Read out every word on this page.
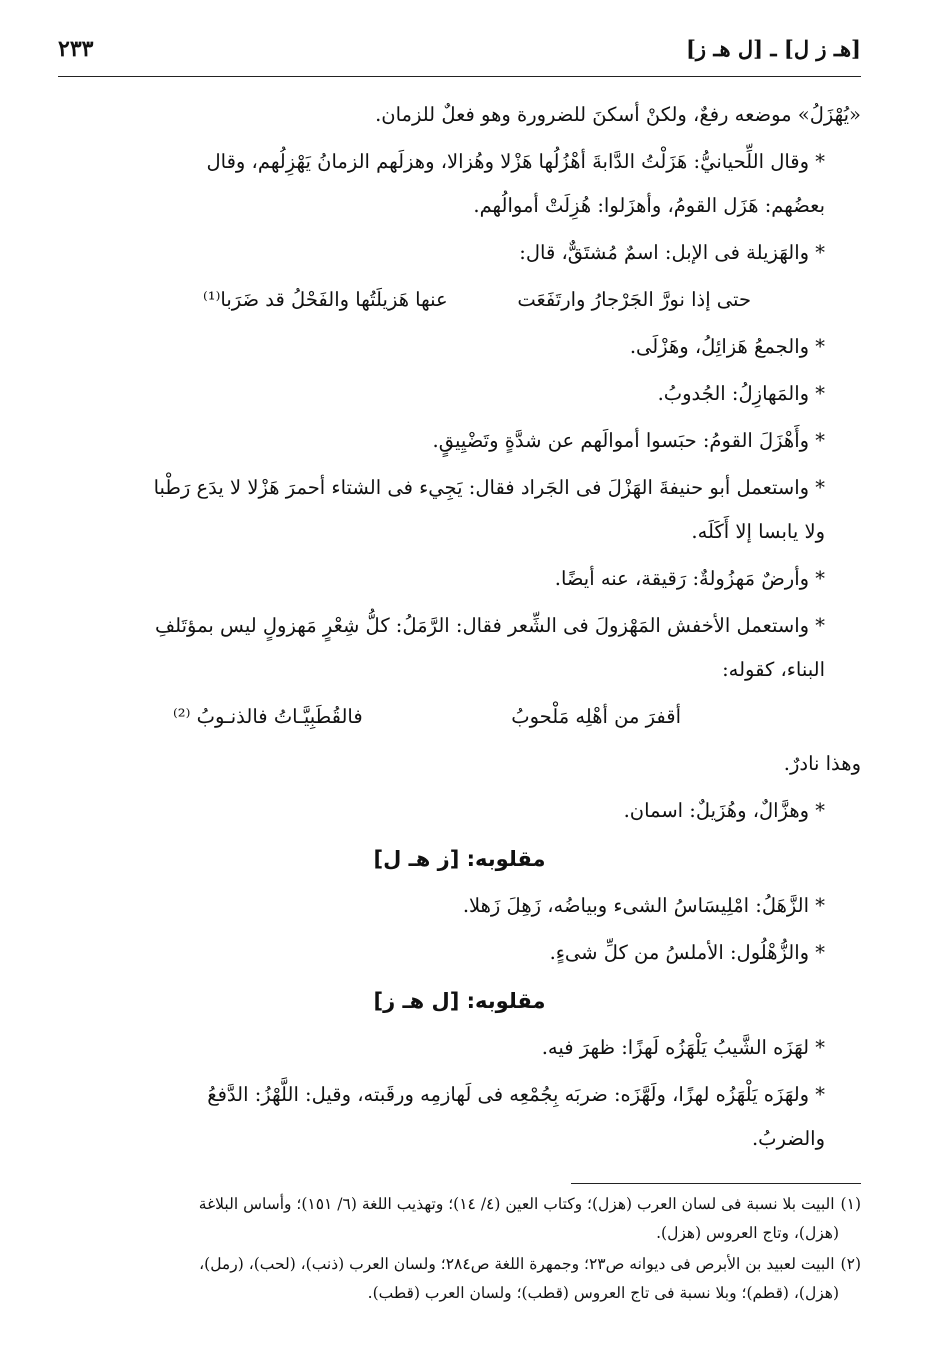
[هـ ز ل] ـ [ل هـ ز]
٢٣٣

«يُهْزَلُ» موضعه رفعٌ، ولكنْ أسكنَ للضرورة وهو فعلٌ للزمان.

* وقال اللِّحيانيُّ: هَزَلْتُ الدَّابةَ أهْزُلُها هَزْلا وهُزالا، وهزلَهم الزمانُ يَهْزِلُهم، وقال
بعضُهم: هَزَل القومُ، وأهزَلوا: هُزِلَتْ أموالُهم.

* والهَزيلة فى الإبل: اسمٌ مُشتَقٌّ، قال:

حتى إذا نورَّ الجَرْجارُ وارتَفَعَت
عنها هَزيلَتُها والفَحْلُ قد ضَرَبا⁽¹⁾

* والجمعُ هَزائِلُ، وهَزْلَى.

* والمَهازِلُ: الجُدوبُ.

* وأَهْزَلَ القومُ: حبَسوا أموالَهم عن شدَّةٍ وتَضْيِيقٍ.

* واستعمل أبو حنيفةَ الهَزْلَ فى الجَراد فقال: يَجِيء فى الشتاء أحمرَ هَزْلا لا يدَع رَطْبا
ولا يابسا إلا أَكَلَه.

* وأرضٌ مَهزُولةٌ: رَقيقة، عنه أيضًا.

* واستعمل الأخفش المَهْزولَ فى الشِّعر فقال: الرَّمَلُ: كلُّ شِعْرٍ مَهزولٍ ليس بمؤتَلفِ
البناء، كقوله:

أقفرَ من أهْلِه مَلْحوبُ
فالقُطَبِيَّـاتُ فالذنـوبُ ⁽²⁾

وهذا نادرٌ.

* وهزَّالٌ، وهُزَيلٌ: اسمان.

مقلوبه: [ز هـ ل]

* الزَّهَلُ: امْلِيسَاسُ الشىء وبياضُه، زَهِلَ زَهلا.

* والزُّهْلُول: الأملسُ من كلِّ شىءٍ.

مقلوبه: [ل هـ ز]

* لهَزَه الشَّيبُ يَلْهَزُه لَهزًا: ظهرَ فيه.

* ولهَزَه يَلْهَزُه لهزًا، ولَهَّزَه: ضربَه بِجُمْعِه فى لَهازمِه ورقَبته، وقيل: اللَّهْزُ: الدَّفعُ
والضربُ.

(١)البيت بلا نسبة فى لسان العرب (هزل)؛ وكتاب العين (٤/ ١٤)؛ وتهذيب اللغة (٦/ ١٥١)؛ وأساس البلاغة
(هزل)، وتاج العروس (هزل).

(٢)البيت لعبيد بن الأبرص فى ديوانه ص٢٣؛ وجمهرة اللغة ص٢٨٤؛ ولسان العرب (ذنب)، (لحب)، (رمل)،
(هزل)، (قطم)؛ وبلا نسبة فى تاج العروس (قطب)؛ ولسان العرب (قطب).
